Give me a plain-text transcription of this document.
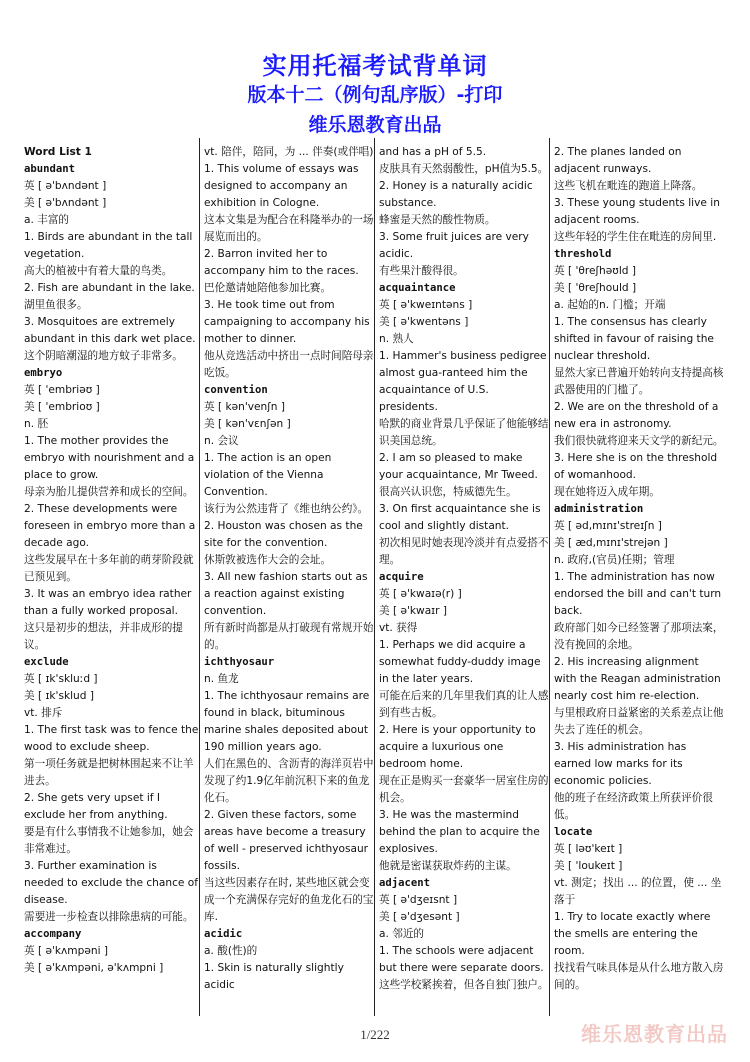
实用托福考试背单词
版本十二（例句乱序版）-打印
维乐恩教育出品
Word List 1
abundant
英 [ ə'bʌndənt ]
美 [ ə'bʌndənt ]
a. 丰富的
1. Birds are abundant in the tall vegetation.
高大的植被中有着大量的鸟类。
2. Fish are abundant in the lake.
湖里鱼很多。
3. Mosquitoes are extremely abundant in this dark wet place.
这个阴暗潮湿的地方蚊子非常多。
embryo
英 [ 'embriəʊ ]
美 [ 'embrioʊ ]
n. 胚
1. The mother provides the embryo with nourishment and a place to grow.
母亲为胎儿提供营养和成长的空间。
2. These developments were foreseen in embryo more than a decade ago.
这些发展早在十多年前的萌芽阶段就已预见到。
3. It was an embryo idea rather than a fully worked proposal.
这只是初步的想法，并非成形的提议。
exclude
英 [ ɪk'skluːd ]
美 [ ɪk'sklud ]
vt. 排斥
1. The first task was to fence the wood to exclude sheep.
第一项任务就是把树林围起来不让羊进去。
2. She gets very upset if I exclude her from anything.
要是有什么事情我不让她参加，她会非常难过。
3. Further examination is needed to exclude the chance of disease.
需要进一步检查以排除患病的可能。
accompany
英 [ ə'kʌmpəni ]
美 [ ə'kʌmpəni, ə'kʌmpni ]
vt. 陪伴，陪同，为 ... 伴奏(或伴唱)
1. This volume of essays was designed to accompany an exhibition in Cologne.
这本文集是为配合在科隆举办的一场展览而出的。
2. Barron invited her to accompany him to the races.
巴伦邀请她陪他参加比赛。
3. He took time out from campaigning to accompany his mother to dinner.
他从竞选活动中挤出一点时间陪母亲吃饭。
convention
英 [ kən'venʃn ]
美 [ kən'vɛnʃən ]
n. 会议
1. The action is an open violation of the Vienna Convention.
该行为公然违背了《维也纳公约》。
2. Houston was chosen as the site for the convention.
休斯敦被选作大会的会址。
3. All new fashion starts out as a reaction against existing convention.
所有新时尚都是从打破现有常规开始的。
ichthyosaur
n. 鱼龙
1. The ichthyosaur remains are found in black, bituminous marine shales deposited about 190 million years ago.
人们在黑色的、含沥青的海洋页岩中发现了约1.9亿年前沉积下来的鱼龙化石。
2. Given these factors, some areas have become a treasury of well - preserved ichthyosaur fossils.
当这些因素存在时, 某些地区就会变成一个充满保存完好的鱼龙化石的宝库.
acidic
a. 酸(性)的
1. Skin is naturally slightly acidic
and has a pH of 5.5.
皮肤具有天然弱酸性，pH值为5.5。
2. Honey is a naturally acidic substance.
蜂蜜是天然的酸性物质。
3. Some fruit juices are very acidic.
有些果汁酸得很。
acquaintance
英 [ ə'kweɪntəns ]
美 [ ə'kwentəns ]
n. 熟人
1. Hammer's business pedigree almost gua-ranteed him the acquaintance of U.S. presidents.
哈默的商业背景几乎保证了他能够结识美国总统。
2. I am so pleased to make your acquaintance, Mr Tweed.
很高兴认识您，特威德先生。
3. On first acquaintance she is cool and slightly distant.
初次相见时她表现冷淡并有点爱搭不理。
acquire
英 [ ə'kwaɪə(r) ]
美 [ ə'kwaɪr ]
vt. 获得
1. Perhaps we did acquire a somewhat fuddy-duddy image in the later years.
可能在后来的几年里我们真的让人感到有些古板。
2. Here is your opportunity to acquire a luxurious one bedroom home.
现在正是购买一套豪华一居室住房的机会。
3. He was the mastermind behind the plan to acquire the explosives.
他就是密谋获取炸药的主谋。
adjacent
英 [ ə'dʒeɪsnt ]
美 [ ə'dʒesənt ]
a. 邻近的
1. The schools were adjacent but there were separate doors.
这些学校紧挨着，但各自独门独户。
2. The planes landed on adjacent runways.
这些飞机在毗连的跑道上降落。
3. These young students live in adjacent rooms.
这些年轻的学生住在毗连的房间里.
threshold
英 [ 'θreʃhəʊld ]
美 [ 'θreʃhould ]
a. 起始的n. 门槛；开端
1. The consensus has clearly shifted in favour of raising the nuclear threshold.
显然大家已普遍开始转向支持提高核武器使用的门槛了。
2. We are on the threshold of a new era in astronomy.
我们很快就将迎来天文学的新纪元。
3. Here she is on the threshold of womanhood.
现在她将迈入成年期。
administration
英 [ əd,mɪnɪ'streɪʃn ]
美 [ æd,mɪnɪ'strejən ]
n. 政府,(官员)任期；管理
1. The administration has now endorsed the bill and can't turn back.
政府部门如今已经签署了那项法案，没有挽回的余地。
2. His increasing alignment with the Reagan administration nearly cost him re-election.
与里根政府日益紧密的关系差点让他失去了连任的机会。
3. His administration has earned low marks for its economic policies.
他的班子在经济政策上所获评价很低。
locate
英 [ ləʊ'keɪt ]
美 [ 'loukeɪt ]
vt. 测定；找出 ... 的位置，使 ... 坐落于
1. Try to locate exactly where the smells are entering the room.
找找看气味具体是从什么地方散入房间的。
1/222	维乐恩教育出品
